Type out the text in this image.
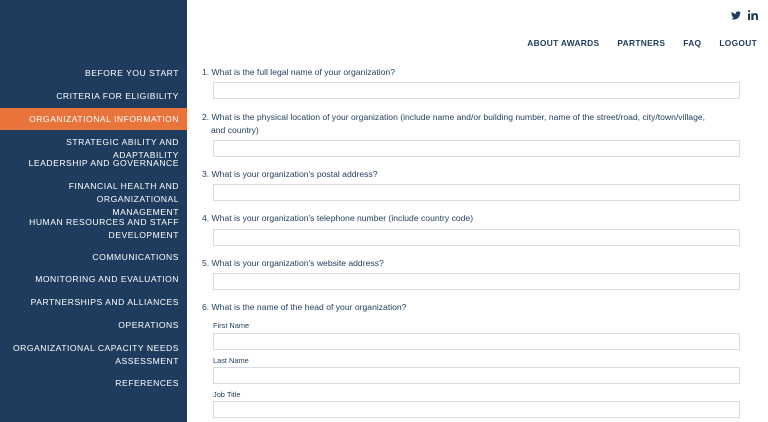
BEFORE YOU START
CRITERIA FOR ELIGIBILITY
ORGANIZATIONAL INFORMATION
STRATEGIC ABILITY AND ADAPTABILITY
LEADERSHIP AND GOVERNANCE
FINANCIAL HEALTH AND ORGANIZATIONAL
MANAGEMENT
HUMAN RESOURCES AND STAFF
DEVELOPMENT
COMMUNICATIONS
MONITORING AND EVALUATION
PARTNERSHIPS AND ALLIANCES
OPERATIONS
ORGANIZATIONAL CAPACITY NEEDS
ASSESSMENT
REFERENCES
ABOUT AWARDS PARTNERS FAQ LOGOUT
1. What is the full legal name of your organization?
2. What is the physical location of your organization (include name and/or building number, name of the street/road, city/town/village,
and country)
3. What is your organization's postal address?
4. What is your organization's telephone number (include country code)
5. What is your organization's website address?
6. What is the name of the head of your organization?
First Name
Last Name
Job Title
